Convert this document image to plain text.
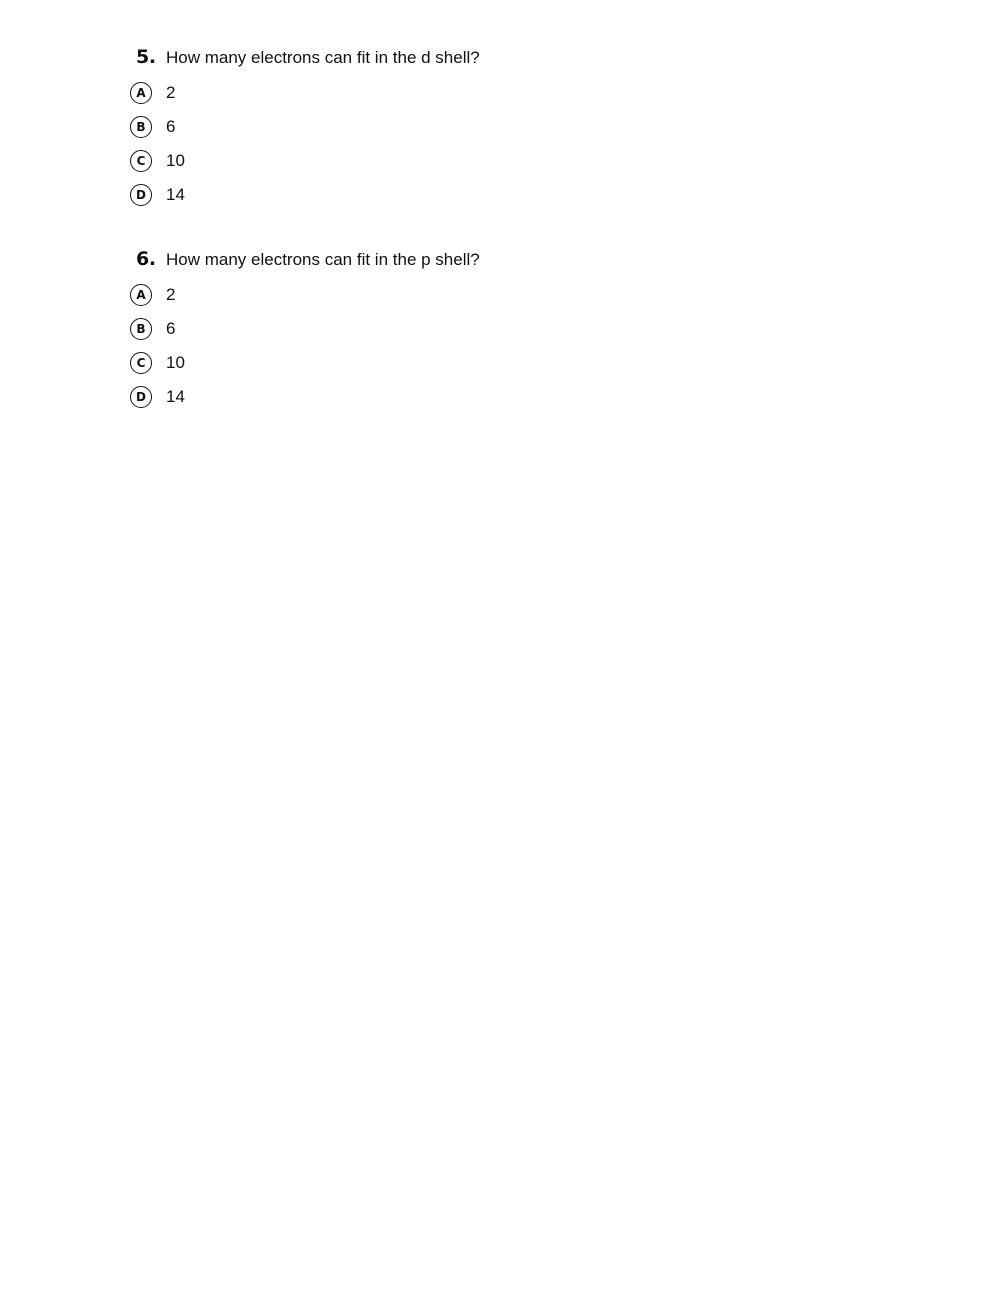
5. How many electrons can fit in the d shell?
A	2
B	6
C	10
D	14
6. How many electrons can fit in the p shell?
A	2
B	6
C	10
D	14
